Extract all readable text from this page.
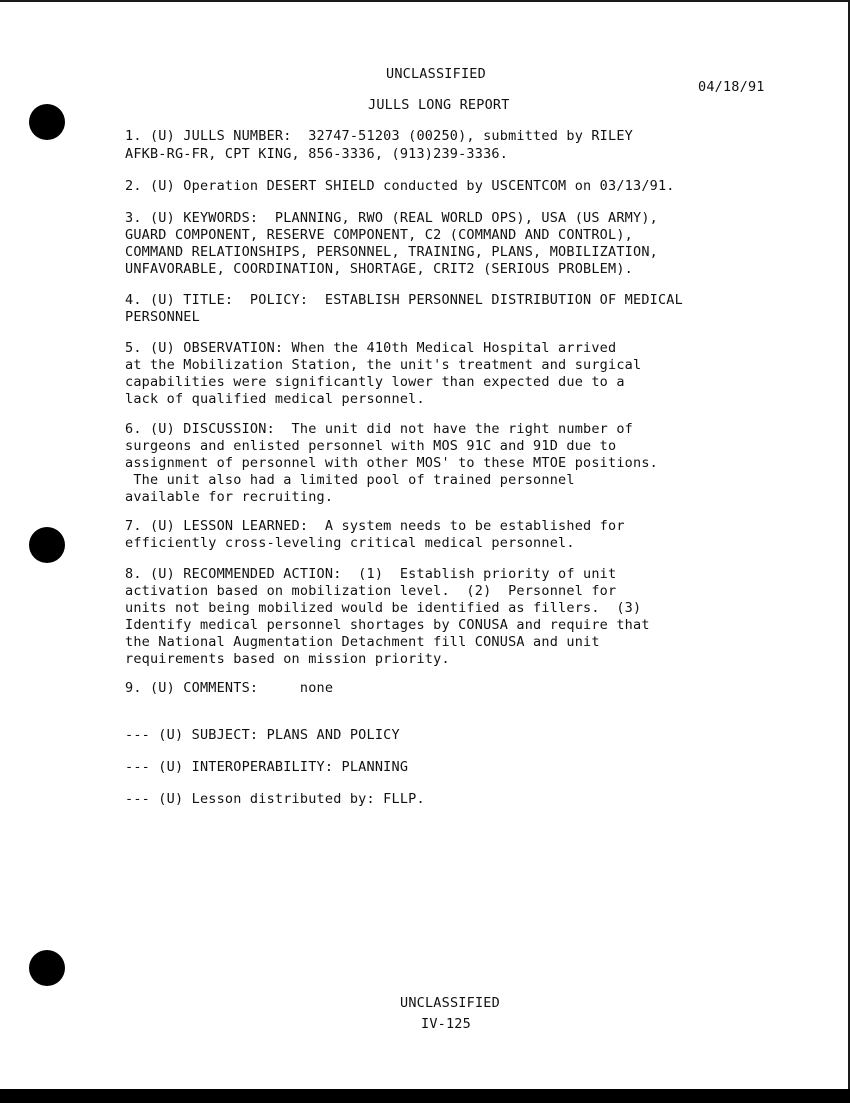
UNCLASSIFIED
04/18/91
JULLS LONG REPORT
1. (U) JULLS NUMBER:  32747-51203 (00250), submitted by RILEY
AFKB-RG-FR, CPT KING, 856-3336, (913)239-3336.
2. (U) Operation DESERT SHIELD conducted by USCENTCOM on 03/13/91.
3. (U) KEYWORDS:  PLANNING, RWO (REAL WORLD OPS), USA (US ARMY),
GUARD COMPONENT, RESERVE COMPONENT, C2 (COMMAND AND CONTROL),
COMMAND RELATIONSHIPS, PERSONNEL, TRAINING, PLANS, MOBILIZATION,
UNFAVORABLE, COORDINATION, SHORTAGE, CRIT2 (SERIOUS PROBLEM).
4. (U) TITLE:  POLICY:  ESTABLISH PERSONNEL DISTRIBUTION OF MEDICAL
PERSONNEL
5. (U) OBSERVATION: When the 410th Medical Hospital arrived
at the Mobilization Station, the unit's treatment and surgical
capabilities were significantly lower than expected due to a
lack of qualified medical personnel.
6. (U) DISCUSSION:  The unit did not have the right number of
surgeons and enlisted personnel with MOS 91C and 91D due to
assignment of personnel with other MOS' to these MTOE positions.
The unit also had a limited pool of trained personnel
available for recruiting.
7. (U) LESSON LEARNED:  A system needs to be established for
efficiently cross-leveling critical medical personnel.
8. (U) RECOMMENDED ACTION:  (1)  Establish priority of unit
activation based on mobilization level.  (2)  Personnel for
units not being mobilized would be identified as fillers.  (3)
Identify medical personnel shortages by CONUSA and require that
the National Augmentation Detachment fill CONUSA and unit
requirements based on mission priority.
9. (U) COMMENTS:     none
--- (U) SUBJECT: PLANS AND POLICY
--- (U) INTEROPERABILITY: PLANNING
--- (U) Lesson distributed by: FLLP.
UNCLASSIFIED
IV-125
